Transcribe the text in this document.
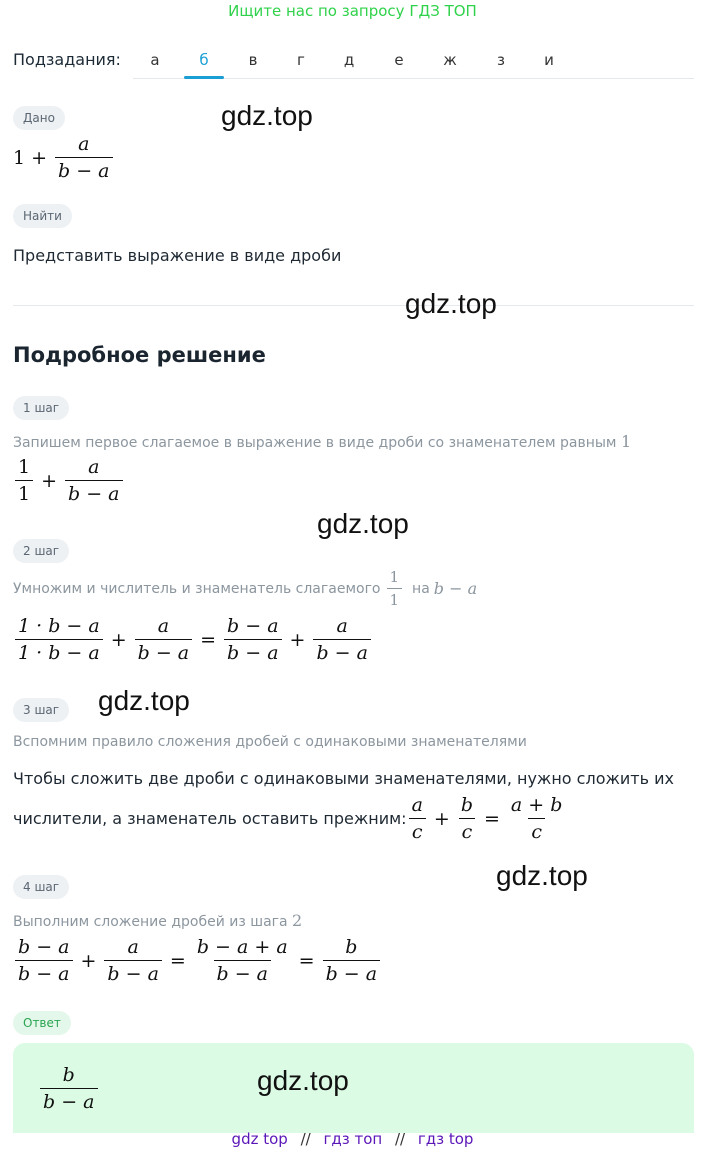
Ищите нас по запросу ГДЗ ТОП
Подзадания:	а	б	в	г	д	е	ж	з	и
Дано	gdz.top
$1 + \frac{a}{b - a}$
Найти
Представить выражение в виде дроби
gdz.top
Подробное решение
1 шаг
Запишем первое слагаемое в выражение в виде дроби со знаменателем равным 1
$\frac{1}{1} + \frac{a}{b - a}$
gdz.top
2 шаг
Умножим и числитель и знаменатель слагаемого $\frac{1}{1}$ на b − a
$\frac{1 \cdot b - a}{1 \cdot b - a} + \frac{a}{b - a} = \frac{b - a}{b - a} + \frac{a}{b - a}$
3 шаг	gdz.top
Вспомним правило сложения дробей с одинаковыми знаменателями
Чтобы сложить две дроби с одинаковыми знаменателями, нужно сложить их
числители, а знаменатель оставить прежним: $\frac{a}{c} + \frac{b}{c} = \frac{a + b}{c}$
4 шаг	gdz.top
Выполним сложение дробей из шага 2
$\frac{b - a}{b - a} + \frac{a}{b - a} = \frac{b - a + a}{b - a} = \frac{b}{b - a}$
Ответ
$\frac{b}{b - a}$	gdz.top
gdz top // гдз топ // гдз top
